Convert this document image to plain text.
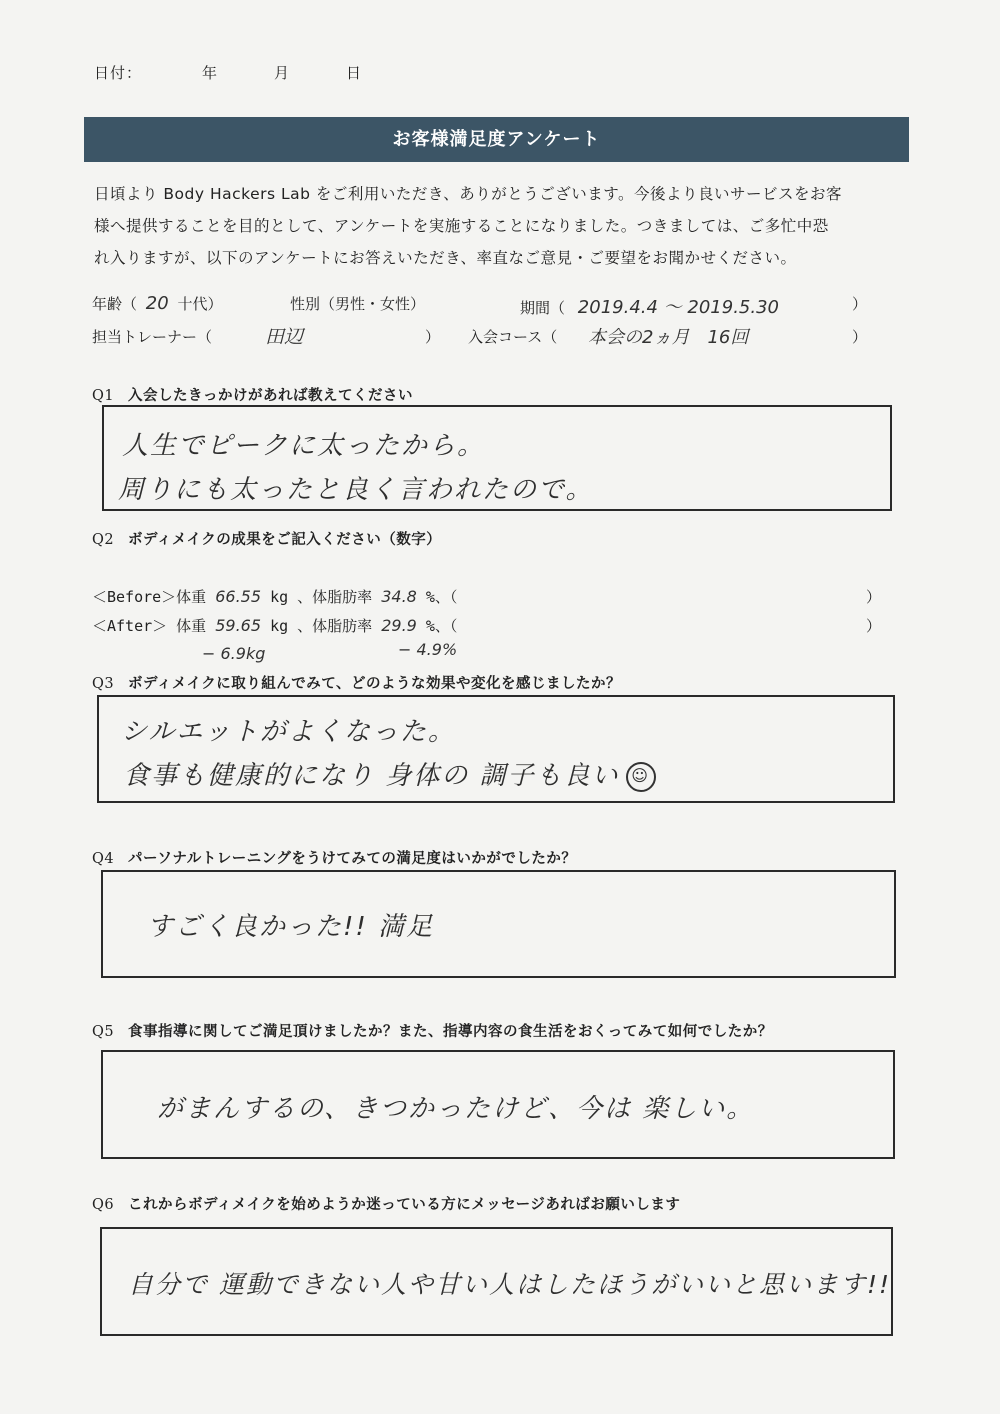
日付：	年	月	日
お客様満足度アンケート
日頃より Body Hackers Lab をご利用いただき、ありがとうございます。今後より良いサービスをお客
様へ提供することを目的として、アンケートを実施することになりました。つきましては、ご多忙中恐
れ入りますが、以下のアンケートにお答えいただき、率直なご意見・ご要望をお聞かせください。
年齢（ 20 十代）	性別（男性・女性）	期間（ 2019.4.4 〜 2019.5.30	）
担当トレーナー（	田辺	） 入会コース（ 本会の2ヵ月　16回	）
Q1 入会したきっかけがあれば教えてください
人生でピークに太ったから。
周りにも太ったと良く言われたので。
Q2 ボディメイクの成果をご記入ください（数字）
＜Before＞体重 66.55 kg 、体脂肪率 34.8 %、（	）
＜After＞ 体重 59.65 kg 、体脂肪率 29.9 %、（	）
− 6.9kg	− 4.9%
Q3 ボディメイクに取り組んでみて、どのような効果や変化を感じましたか？
シルエットがよくなった。
食事も健康的になり 身体の 調子も良い ☺
Q4 パーソナルトレーニングをうけてみての満足度はいかがでしたか？
すごく良かった!! 満足
Q5 食事指導に関してご満足頂けましたか？また、指導内容の食生活をおくってみて如何でしたか？
がまんするの、きつかったけど、今は 楽しい。
Q6 これからボディメイクを始めようか迷っている方にメッセージあればお願いします
自分で 運動できない人や甘い人はしたほうがいいと思います!!
